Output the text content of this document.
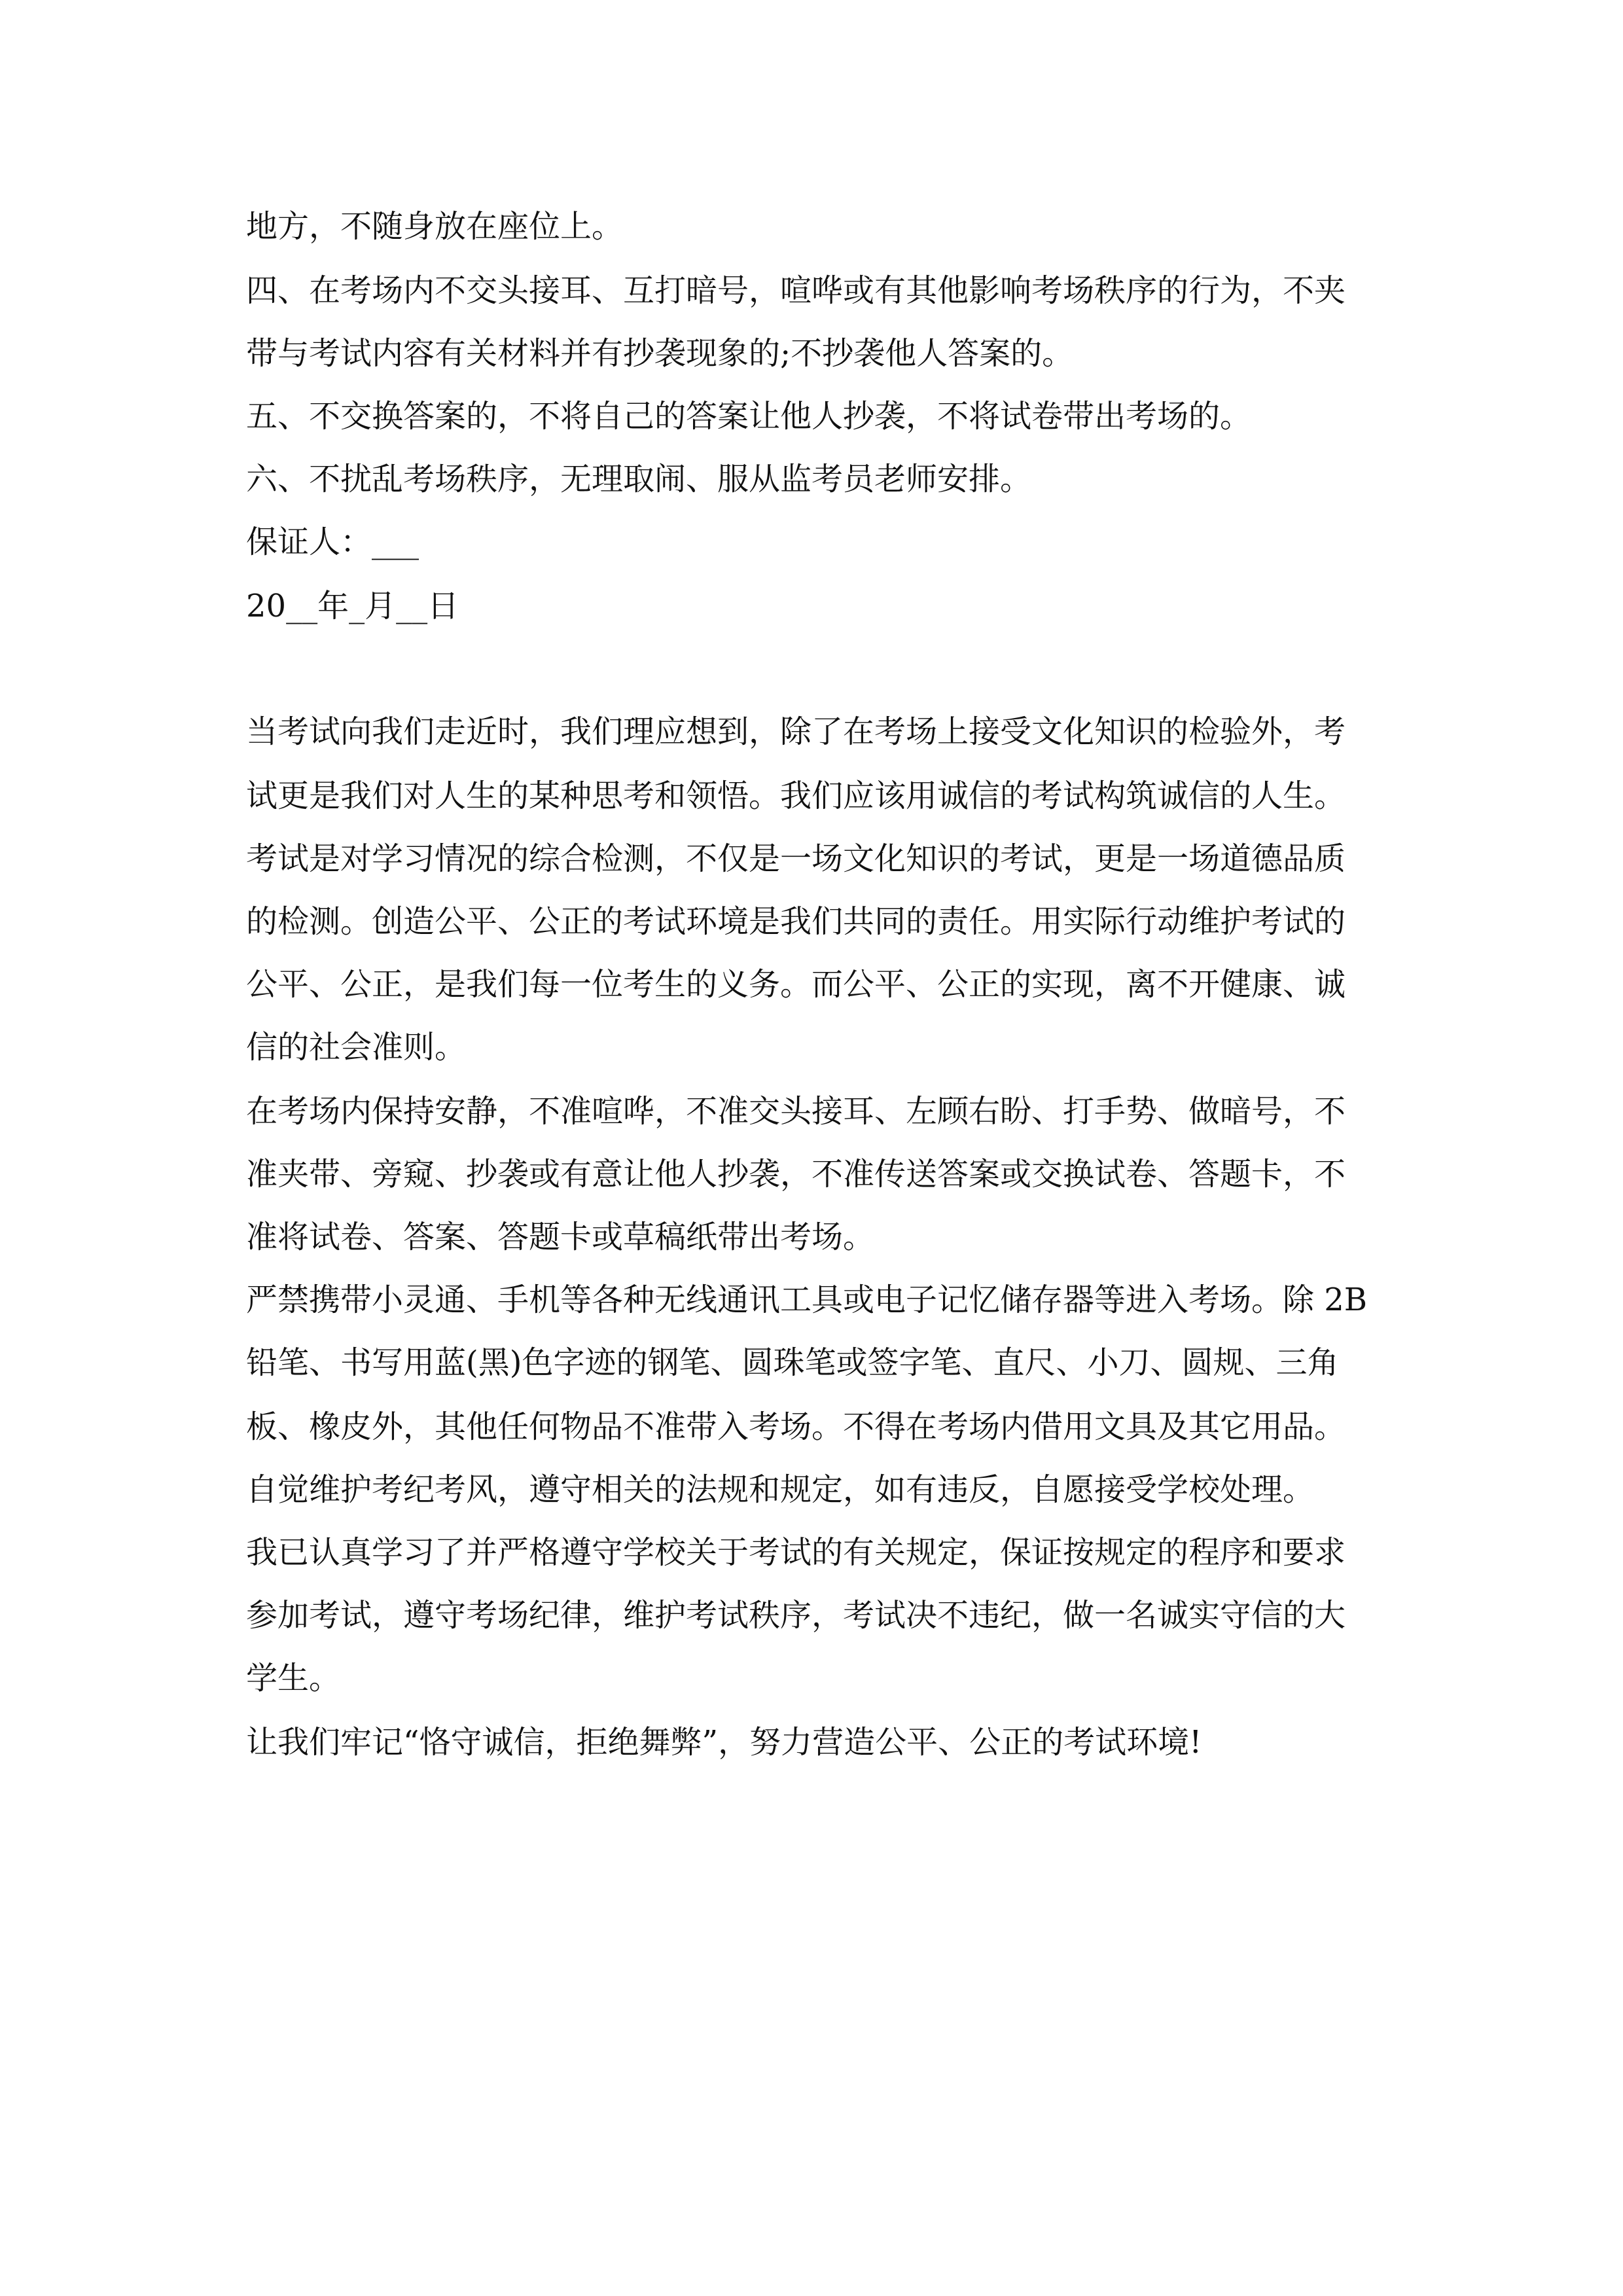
地方，不随身放在座位上。
四、在考场内不交头接耳、互打暗号，喧哗或有其他影响考场秩序的行为，不夹
带与考试内容有关材料并有抄袭现象的;不抄袭他人答案的。
五、不交换答案的，不将自己的答案让他人抄袭，不将试卷带出考场的。
六、不扰乱考场秩序，无理取闹、服从监考员老师安排。
保证人：___
20__年_月__日
当考试向我们走近时，我们理应想到，除了在考场上接受文化知识的检验外，考
试更是我们对人生的某种思考和领悟。我们应该用诚信的考试构筑诚信的人生。
考试是对学习情况的综合检测，不仅是一场文化知识的考试，更是一场道德品质
的检测。创造公平、公正的考试环境是我们共同的责任。用实际行动维护考试的
公平、公正，是我们每一位考生的义务。而公平、公正的实现，离不开健康、诚
信的社会准则。
在考场内保持安静，不准喧哗，不准交头接耳、左顾右盼、打手势、做暗号，不
准夹带、旁窥、抄袭或有意让他人抄袭，不准传送答案或交换试卷、答题卡，不
准将试卷、答案、答题卡或草稿纸带出考场。
严禁携带小灵通、手机等各种无线通讯工具或电子记忆储存器等进入考场。除 2B
铅笔、书写用蓝(黑)色字迹的钢笔、圆珠笔或签字笔、直尺、小刀、圆规、三角
板、橡皮外，其他任何物品不准带入考场。不得在考场内借用文具及其它用品。
自觉维护考纪考风，遵守相关的法规和规定，如有违反，自愿接受学校处理。
我已认真学习了并严格遵守学校关于考试的有关规定，保证按规定的程序和要求
参加考试，遵守考场纪律，维护考试秩序，考试决不违纪，做一名诚实守信的大
学生。
让我们牢记“恪守诚信，拒绝舞弊”，努力营造公平、公正的考试环境!
